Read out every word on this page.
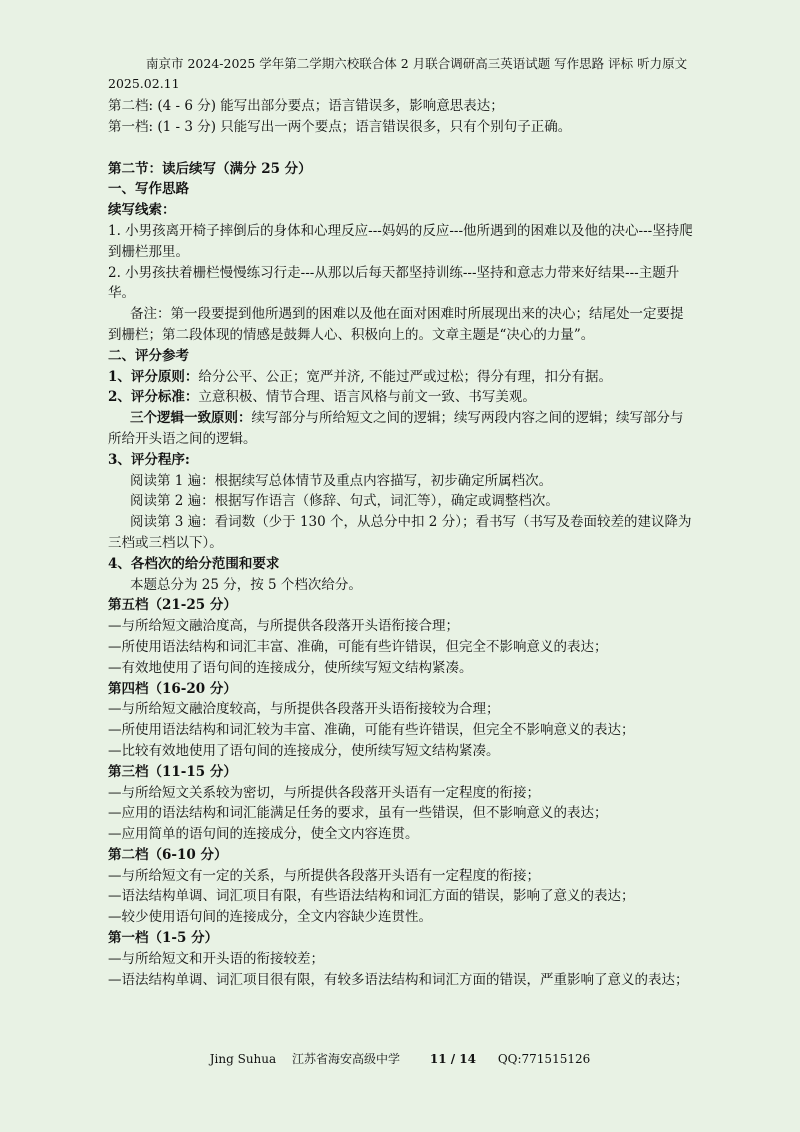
南京市 2024-2025 学年第二学期六校联合体 2 月联合调研高三英语试题 写作思路 评标 听力原文
2025.02.11

第二档: (4 - 6 分) 能写出部分要点；语言错误多，影响意思表达；

第一档: (1 - 3 分) 只能写出一两个要点；语言错误很多，只有个别句子正确。

第二节：读后续写（满分 25 分）

一、写作思路

续写线索：

1. 小男孩离开椅子摔倒后的身体和心理反应---妈妈的反应---他所遇到的困难以及他的决心---坚持爬到栅栏那里。

2. 小男孩扶着栅栏慢慢练习行走---从那以后每天都坚持训练---坚持和意志力带来好结果---主题升华。

备注：第一段要提到他所遇到的困难以及他在面对困难时所展现出来的决心；结尾处一定要提到栅栏；第二段体现的情感是鼓舞人心、积极向上的。文章主题是“决心的力量”。

二、评分参考

1、评分原则：给分公平、公正；宽严并济, 不能过严或过松；得分有理，扣分有据。

2、评分标准：立意积极、情节合理、语言风格与前文一致、书写美观。

三个逻辑一致原则：续写部分与所给短文之间的逻辑；续写两段内容之间的逻辑；续写部分与所给开头语之间的逻辑。

3、评分程序:

阅读第 1 遍：根据续写总体情节及重点内容描写，初步确定所属档次。

阅读第 2 遍：根据写作语言（修辞、句式，词汇等），确定或调整档次。

阅读第 3 遍：看词数（少于 130 个，从总分中扣 2 分）；看书写（书写及卷面较差的建议降为三档或三档以下）。

4、各档次的给分范围和要求

本题总分为 25 分，按 5 个档次给分。

第五档（21-25 分）

—与所给短文融洽度高，与所提供各段落开头语衔接合理；

—所使用语法结构和词汇丰富、准确，可能有些许错误，但完全不影响意义的表达；

—有效地使用了语句间的连接成分，使所续写短文结构紧凑。

第四档（16-20 分）

—与所给短文融洽度较高，与所提供各段落开头语衔接较为合理；

—所使用语法结构和词汇较为丰富、准确，可能有些许错误，但完全不影响意义的表达；

—比较有效地使用了语句间的连接成分，使所续写短文结构紧凑。

第三档（11-15 分）

—与所给短文关系较为密切，与所提供各段落开头语有一定程度的衔接；

—应用的语法结构和词汇能满足任务的要求，虽有一些错误，但不影响意义的表达；

—应用简单的语句间的连接成分，使全文内容连贯。

第二档（6-10 分）

—与所给短文有一定的关系，与所提供各段落开头语有一定程度的衔接；

—语法结构单调、词汇项目有限，有些语法结构和词汇方面的错误，影响了意义的表达；

—较少使用语句间的连接成分，全文内容缺少连贯性。

第一档（1-5 分）

—与所给短文和开头语的衔接较差；

—语法结构单调、词汇项目很有限，有较多语法结构和词汇方面的错误，严重影响了意义的表达；

Jing Suhua 江苏省海安高级中学 11 / 14 QQ:771515126
